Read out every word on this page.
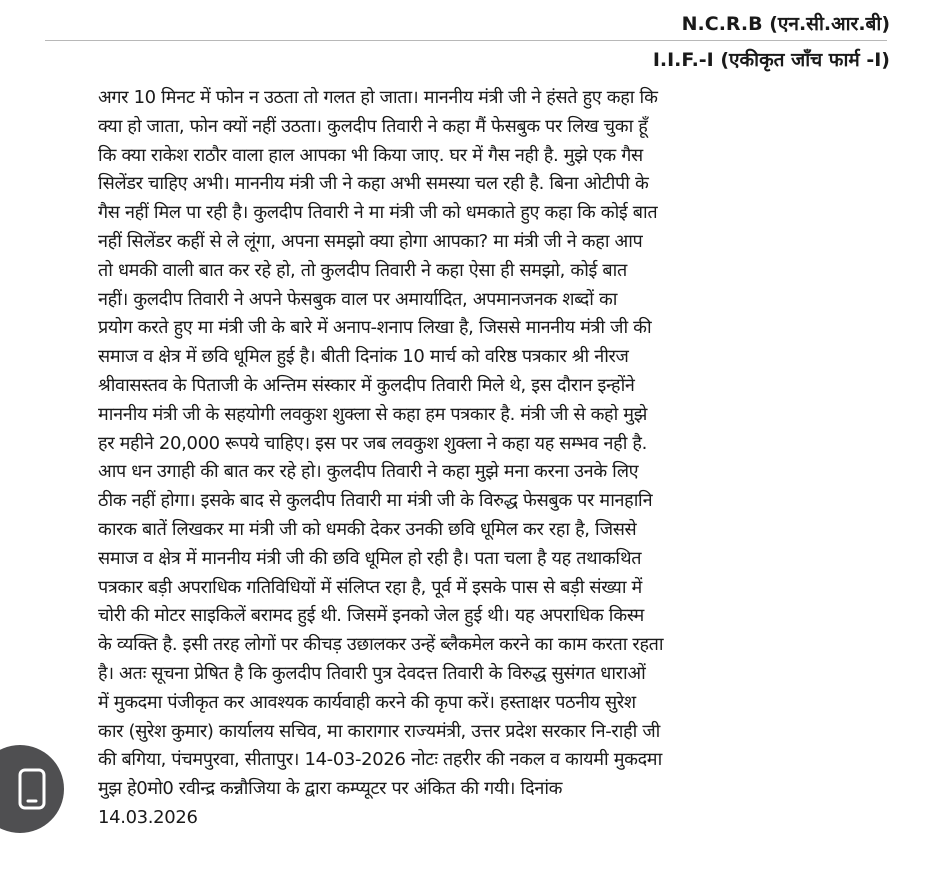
N.C.R.B (एन.सी.आर.बी)
I.I.F.-I (एकीकृत जाँच फार्म -I)
अगर 10 मिनट में फोन न उठता तो गलत हो जाता। माननीय मंत्री जी ने हंसते हुए कहा कि
क्या हो जाता, फोन क्यों नहीं उठता। कुलदीप तिवारी ने कहा मैं फेसबुक पर लिख चुका हूँ
कि क्या राकेश राठौर वाला हाल आपका भी किया जाए. घर में गैस नही है. मुझे एक गैस
सिलेंडर चाहिए अभी। माननीय मंत्री जी ने कहा अभी समस्या चल रही है. बिना ओटीपी के
गैस नहीं मिल पा रही है। कुलदीप तिवारी ने मा मंत्री जी को धमकाते हुए कहा कि कोई बात
नहीं सिलेंडर कहीं से ले लूंगा, अपना समझो क्या होगा आपका? मा मंत्री जी ने कहा आप
तो धमकी वाली बात कर रहे हो, तो कुलदीप तिवारी ने कहा ऐसा ही समझो, कोई बात
नहीं। कुलदीप तिवारी ने अपने फेसबुक वाल पर अमार्यादित, अपमानजनक शब्दों का
प्रयोग करते हुए मा मंत्री जी के बारे में अनाप-शनाप लिखा है, जिससे माननीय मंत्री जी की
समाज व क्षेत्र में छवि धूमिल हुई है। बीती दिनांक 10 मार्च को वरिष्ठ पत्रकार श्री नीरज
श्रीवासस्तव के पिताजी के अन्तिम संस्कार में कुलदीप तिवारी मिले थे, इस दौरान इन्होंने
माननीय मंत्री जी के सहयोगी लवकुश शुक्ला से कहा हम पत्रकार है. मंत्री जी से कहो मुझे
हर महीने 20,000 रूपये चाहिए। इस पर जब लवकुश शुक्ला ने कहा यह सम्भव नही है.
आप धन उगाही की बात कर रहे हो। कुलदीप तिवारी ने कहा मुझे मना करना उनके लिए
ठीक नहीं होगा। इसके बाद से कुलदीप तिवारी मा मंत्री जी के विरुद्ध फेसबुक पर मानहानि
कारक बातें लिखकर मा मंत्री जी को धमकी देकर उनकी छवि धूमिल कर रहा है, जिससे
समाज व क्षेत्र में माननीय मंत्री जी की छवि धूमिल हो रही है। पता चला है यह तथाकथित
पत्रकार बड़ी अपराधिक गतिविधियों में संलिप्त रहा है, पूर्व में इसके पास से बड़ी संख्या में
चोरी की मोटर साइकिलें बरामद हुई थी. जिसमें इनको जेल हुई थी। यह अपराधिक किस्म
के व्यक्ति है. इसी तरह लोगों पर कीचड़ उछालकर उन्हें ब्लैकमेल करने का काम करता रहता
है। अतः सूचना प्रेषित है कि कुलदीप तिवारी पुत्र देवदत्त तिवारी के विरुद्ध सुसंगत धाराओं
में मुकदमा पंजीकृत कर आवश्यक कार्यवाही करने की कृपा करें। हस्ताक्षर पठनीय सुरेश
कार (सुरेश कुमार) कार्यालय सचिव, मा कारागार राज्यमंत्री, उत्तर प्रदेश सरकार नि-राही जी
की बगिया, पंचमपुरवा, सीतापुर। 14-03-2026 नोटः तहरीर की नकल व कायमी मुकदमा
मुझ हे0मो0 रवीन्द्र कन्नौजिया के द्वारा कम्प्यूटर पर अंकित की गयी। दिनांक
14.03.2026
